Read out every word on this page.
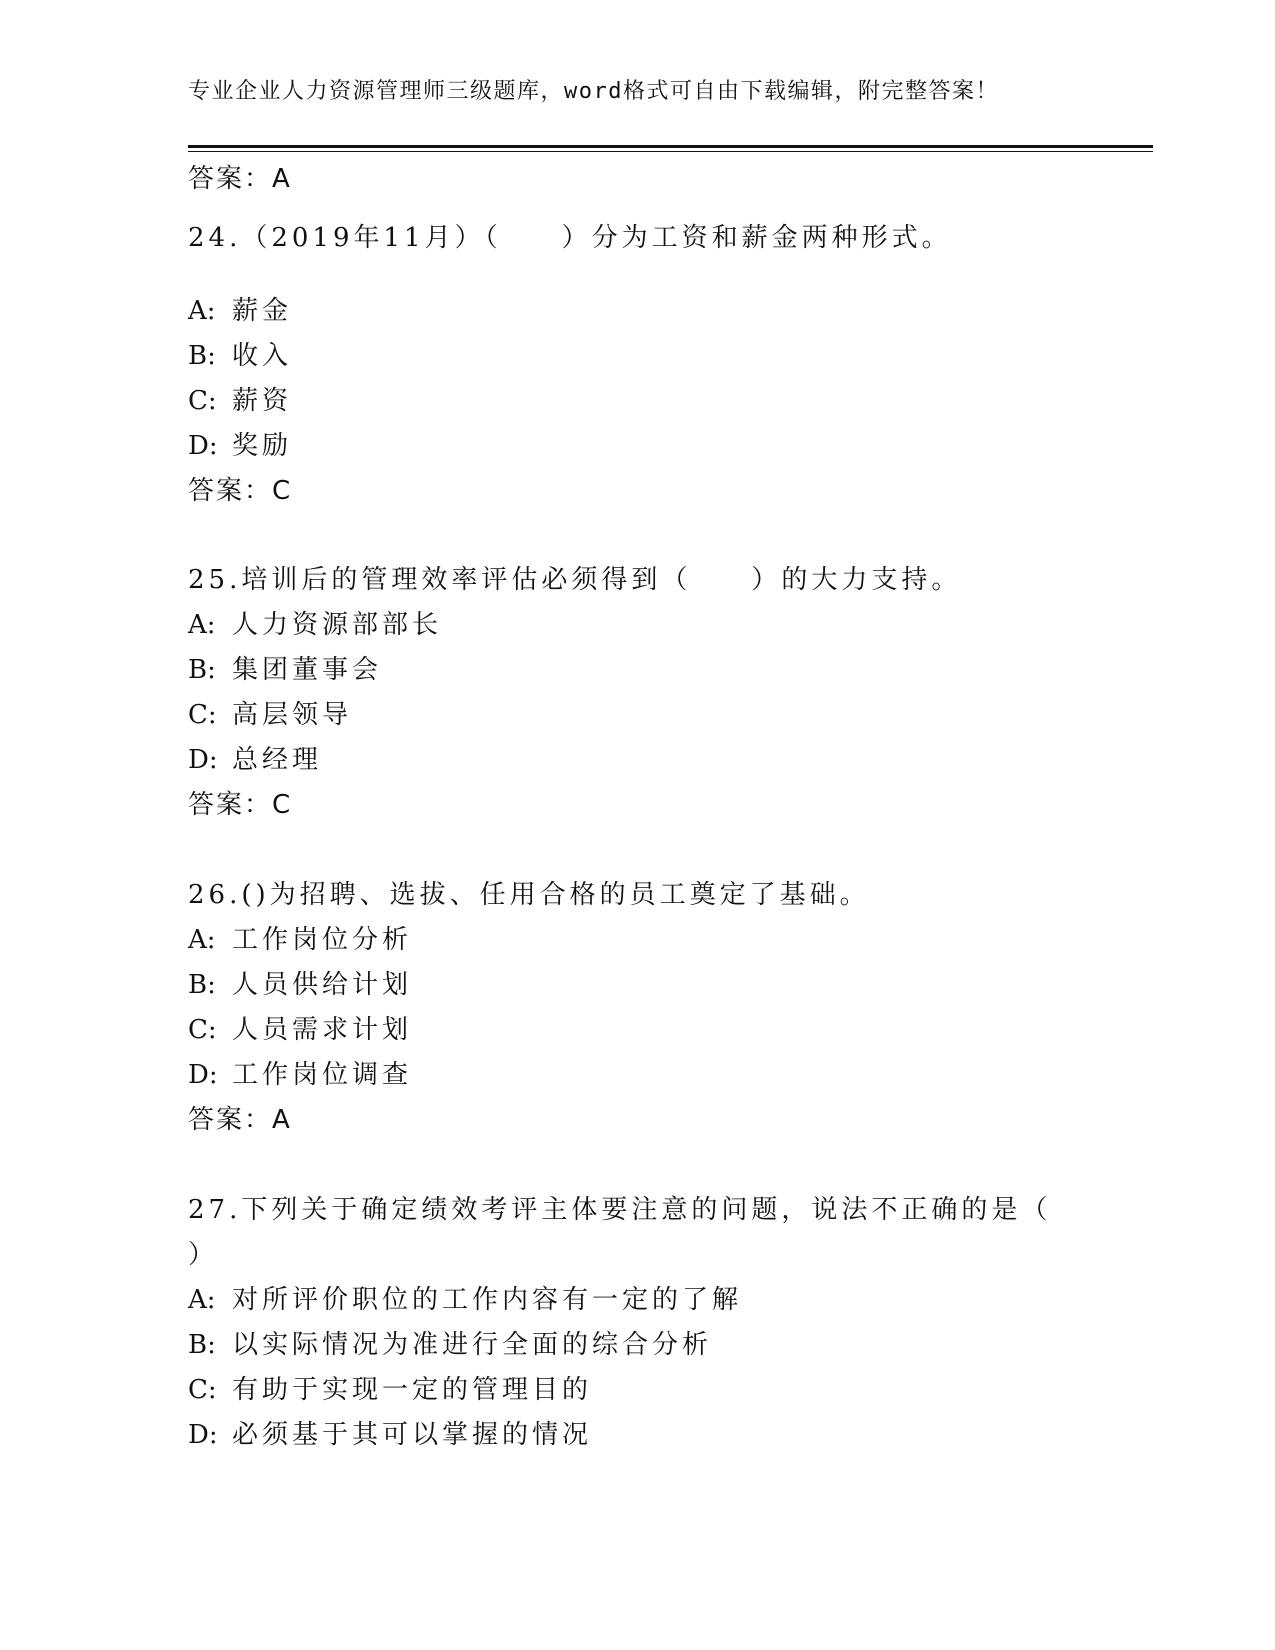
专业企业人力资源管理师三级题库，word格式可自由下载编辑，附完整答案！
答案：A
24.（2019年11月）（　　）分为工资和薪金两种形式。
A: 薪金
B: 收入
C: 薪资
D: 奖励
答案：C
25.培训后的管理效率评估必须得到（　　）的大力支持。
A: 人力资源部部长
B: 集团董事会
C: 高层领导
D: 总经理
答案：C
26.()为招聘、选拔、任用合格的员工奠定了基础。
A: 工作岗位分析
B: 人员供给计划
C: 人员需求计划
D: 工作岗位调查
答案：A
27.下列关于确定绩效考评主体要注意的问题，说法不正确的是（
）
A: 对所评价职位的工作内容有一定的了解
B: 以实际情况为准进行全面的综合分析
C: 有助于实现一定的管理目的
D: 必须基于其可以掌握的情况
